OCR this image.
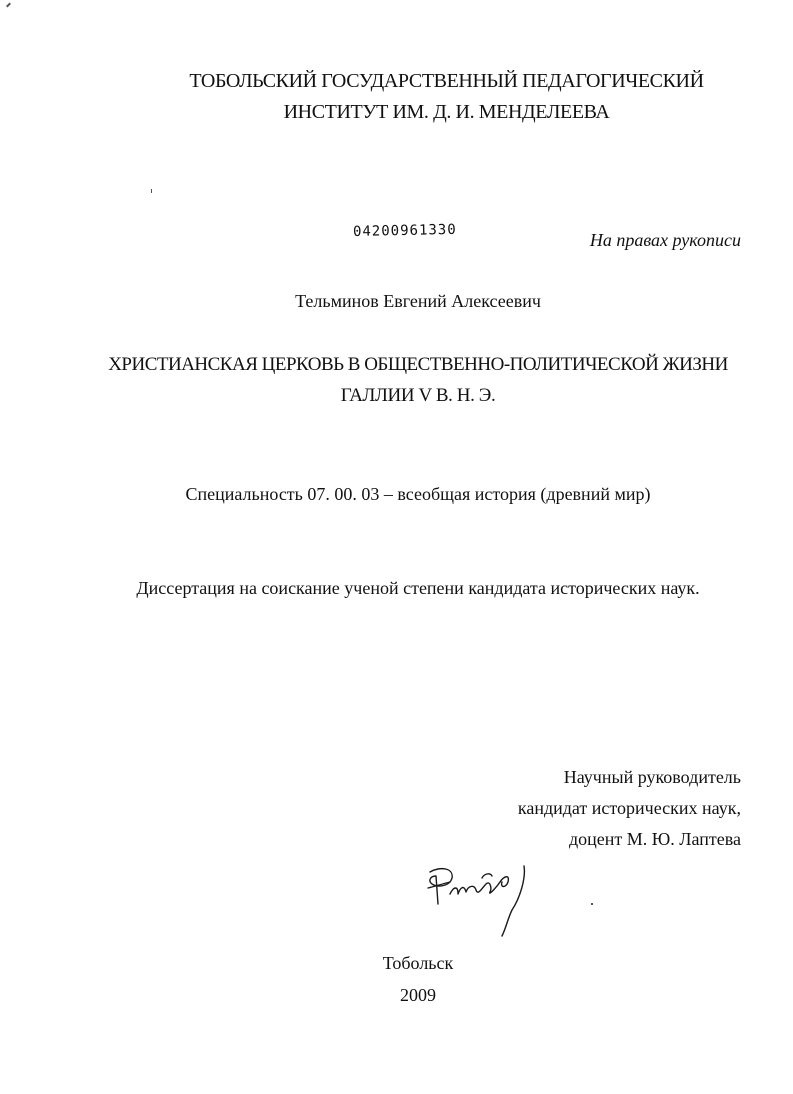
ТОБОЛЬСКИЙ ГОСУДАРСТВЕННЫЙ ПЕДАГОГИЧЕСКИЙ
ИНСТИТУТ ИМ. Д. И. МЕНДЕЛЕЕВА
04200961330	На правах рукописи
Тельминов Евгений Алексеевич
ХРИСТИАНСКАЯ ЦЕРКОВЬ В ОБЩЕСТВЕННО-ПОЛИТИЧЕСКОЙ ЖИЗНИ
ГАЛЛИИ V В. Н. Э.
Специальность 07. 00. 03 – всеобщая история (древний мир)
Диссертация на соискание ученой степени кандидата исторических наук.
Научный руководитель
кандидат исторических наук,
доцент М. Ю. Лаптева
Тобольск
2009
